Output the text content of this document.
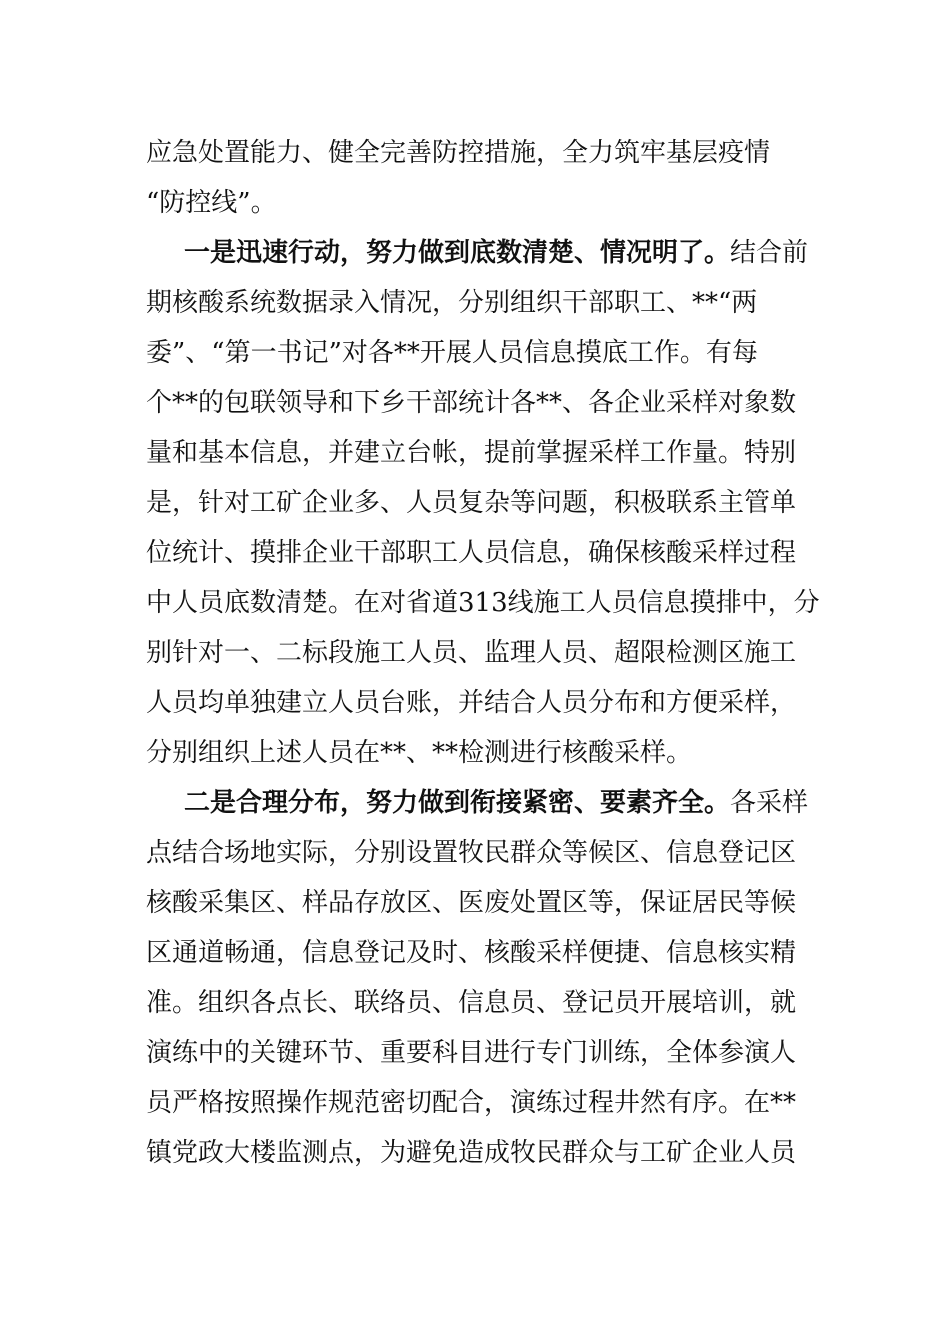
应急处置能力、健全完善防控措施，全力筑牢基层疫情
“防控线”。
一是迅速行动，努力做到底数清楚、情况明了。结合前
期核酸系统数据录入情况，分别组织干部职工、**“两
委”、“第一书记”对各**开展人员信息摸底工作。有每
个**的包联领导和下乡干部统计各**、各企业采样对象数
量和基本信息，并建立台帐，提前掌握采样工作量。特别
是，针对工矿企业多、人员复杂等问题，积极联系主管单
位统计、摸排企业干部职工人员信息，确保核酸采样过程
中人员底数清楚。在对省道313线施工人员信息摸排中，分
别针对一、二标段施工人员、监理人员、超限检测区施工
人员均单独建立人员台账，并结合人员分布和方便采样，
分别组织上述人员在**、**检测进行核酸采样。
二是合理分布，努力做到衔接紧密、要素齐全。各采样
点结合场地实际，分别设置牧民群众等候区、信息登记区
核酸采集区、样品存放区、医废处置区等，保证居民等候
区通道畅通，信息登记及时、核酸采样便捷、信息核实精
准。组织各点长、联络员、信息员、登记员开展培训，就
演练中的关键环节、重要科目进行专门训练，全体参演人
员严格按照操作规范密切配合，演练过程井然有序。在**
镇党政大楼监测点，为避免造成牧民群众与工矿企业人员
